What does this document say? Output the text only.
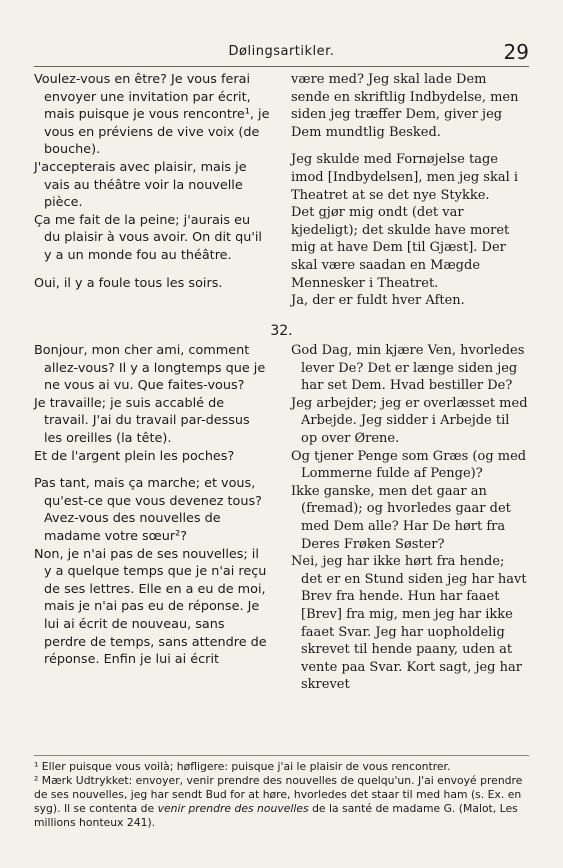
Dølingsartikler.	29

Voulez-vous en être? Je vous ferai envoyer une invitation par écrit, mais puisque je vous rencontre¹, je vous en préviens de vive voix (de bouche).

J'accepterais avec plaisir, mais je vais au théâtre voir la nouvelle pièce.

Ça me fait de la peine; j'aurais eu du plaisir à vous avoir. On dit qu'il y a un monde fou au théâtre.

Oui, il y a foule tous les soirs.

være med? Jeg skal lade Dem sende en skriftlig Indbydelse, men siden jeg træffer Dem, giver jeg Dem mundtlig Besked.

Jeg skulde med Fornøjelse tage imod [Indbydelsen], men jeg skal i Theatret at se det nye Stykke.

Det gjør mig ondt (det var kjedeligt); det skulde have moret mig at have Dem [til Gjæst]. Der skal være saadan en Mægde Mennesker i Theatret.

Ja, der er fuldt hver Aften.

32.

Bonjour, mon cher ami, comment allez-vous? Il y a longtemps que je ne vous ai vu. Que faites-vous?

Je travaille; je suis accablé de travail. J'ai du travail par-dessus les oreilles (la tête).

Et de l'argent plein les poches?

Pas tant, mais ça marche; et vous, qu'est-ce que vous devenez tous? Avez-vous des nouvelles de madame votre sœur²?

Non, je n'ai pas de ses nouvelles; il y a quelque temps que je n'ai reçu de ses lettres. Elle en a eu de moi, mais je n'ai pas eu de réponse. Je lui ai écrit de nouveau, sans perdre de temps, sans attendre de réponse. Enfin je lui ai écrit

God Dag, min kjære Ven, hvorledes lever De? Det er længe siden jeg har set Dem. Hvad bestiller De?

Jeg arbejder; jeg er overlæsset med Arbejde. Jeg sidder i Arbejde til op over Ørene.

Og tjener Penge som Græs (og med Lommerne fulde af Penge)?

Ikke ganske, men det gaar an (fremad); og hvorledes gaar det med Dem alle? Har De hørt fra Deres Frøken Søster?

Nei, jeg har ikke hørt fra hende; det er en Stund siden jeg har havt Brev fra hende. Hun har faaet [Brev] fra mig, men jeg har ikke faaet Svar. Jeg har uopholdelig skrevet til hende paany, uden at vente paa Svar. Kort sagt, jeg har skrevet

¹ Eller puisque vous voilà; høfligere: puisque j'ai le plaisir de vous rencontrer.

² Mærk Udtrykket: envoyer, venir prendre des nouvelles de quelqu'un. J'ai envoyé prendre de ses nouvelles, jeg har sendt Bud for at høre, hvorledes det staar til med ham (s. Ex. en syg). Il se contenta de venir prendre des nouvelles de la santé de madame G. (Malot, Les millions honteux 241).
